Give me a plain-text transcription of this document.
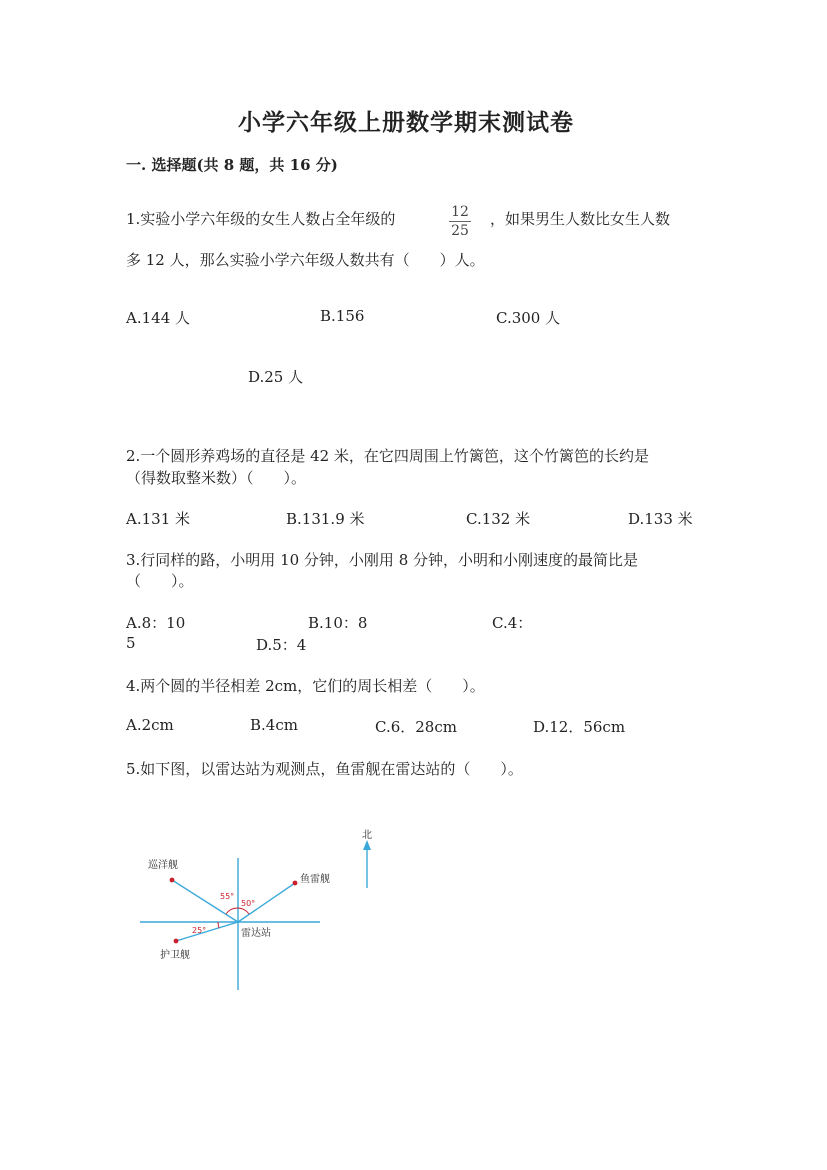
小学六年级上册数学期末测试卷
一. 选择题(共 8 题，共 16 分)
1.实验小学六年级的女生人数占全年级的	12
25
，如果男生人数比女生人数
多 12 人，那么实验小学六年级人数共有（　　）人。
A.144 人	B.156	C.300 人
D.25 人
2.一个圆形养鸡场的直径是 42 米，在它四周围上竹篱笆，这个竹篱笆的长约是
（得数取整米数）（　　）。
A.131 米	B.131.9 米	C.132 米	D.133 米
3.行同样的路，小明用 10 分钟，小刚用 8 分钟，小明和小刚速度的最简比是
（　　）。
A.8：10	B.10：8	C.4：
5	D.5：4
4.两个圆的半径相差 2cm，它们的周长相差（　　）。
A.2cm	B.4cm	C.6．28cm	D.12．56cm
5.如下图，以雷达站为观测点，鱼雷舰在雷达站的（　　）。
北
巡洋舰
鱼雷舰
雷达站
护卫舰
55°
50°
25°
